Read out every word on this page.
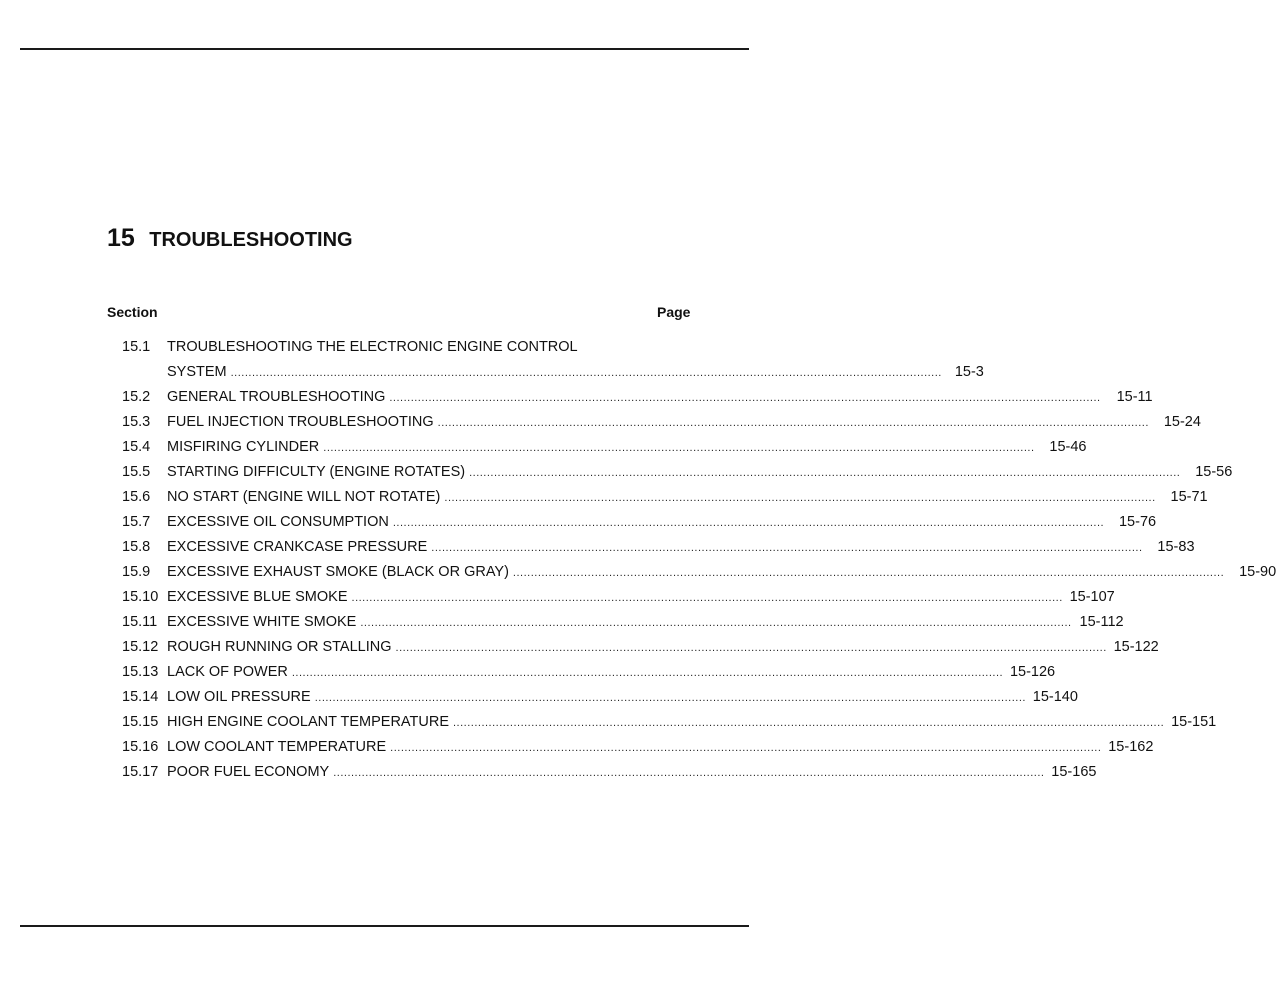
15 TROUBLESHOOTING
Section	Page
15.1	TROUBLESHOOTING THE ELECTRONIC ENGINE CONTROL
SYSTEM ........................................................................................................................................................................................................ 15-3
15.2	GENERAL TROUBLESHOOTING ........................................................................................................................................................................................................	15-11
15.3	FUEL INJECTION TROUBLESHOOTING ........................................................................................................................................................................................................	15-24
15.4	MISFIRING CYLINDER ........................................................................................................................................................................................................	15-46
15.5	STARTING DIFFICULTY (ENGINE ROTATES) ........................................................................................................................................................................................................	15-56
15.6	NO START (ENGINE WILL NOT ROTATE) ........................................................................................................................................................................................................	15-71
15.7	EXCESSIVE OIL CONSUMPTION ........................................................................................................................................................................................................	15-76
15.8	EXCESSIVE CRANKCASE PRESSURE ........................................................................................................................................................................................................	15-83
15.9	EXCESSIVE EXHAUST SMOKE (BLACK OR GRAY) ........................................................................................................................................................................................................	15-90
15.10 EXCESSIVE BLUE SMOKE ........................................................................................................................................................................................................ 15-107
15.11 EXCESSIVE WHITE SMOKE ........................................................................................................................................................................................................ 15-112
15.12 ROUGH RUNNING OR STALLING ........................................................................................................................................................................................................ 15-122
15.13 LACK OF POWER ........................................................................................................................................................................................................ 15-126
15.14 LOW OIL PRESSURE ........................................................................................................................................................................................................ 15-140
15.15 HIGH ENGINE COOLANT TEMPERATURE ........................................................................................................................................................................................................ 15-151
15.16 LOW COOLANT TEMPERATURE ........................................................................................................................................................................................................ 15-162
15.17 POOR FUEL ECONOMY ........................................................................................................................................................................................................ 15-165
